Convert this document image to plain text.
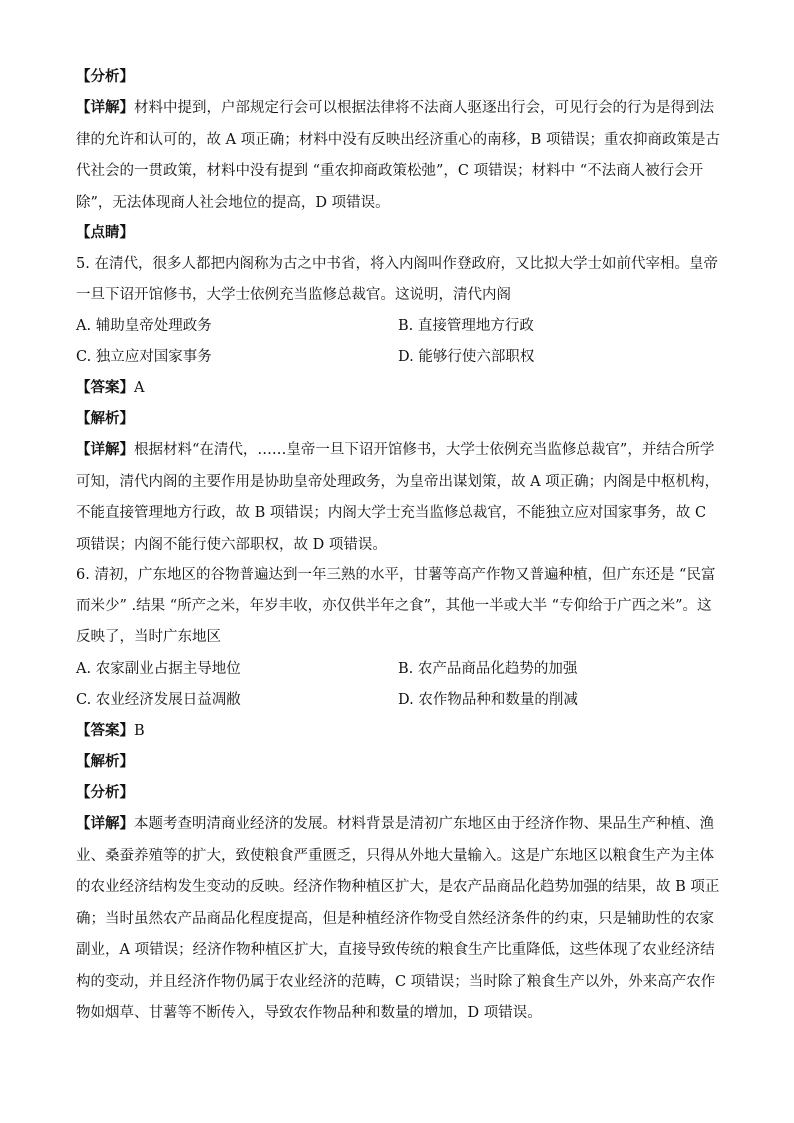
【分析】
【详解】材料中提到，户部规定行会可以根据法律将不法商人驱逐出行会，可见行会的行为是得到法律的允许和认可的，故 A 项正确；材料中没有反映出经济重心的南移，B 项错误；重农抑商政策是古代社会的一贯政策，材料中没有提到 “重农抑商政策松弛”，C 项错误；材料中 “不法商人被行会开除”，无法体现商人社会地位的提高，D 项错误。
【点睛】
5. 在清代，很多人都把内阁称为古之中书省，将入内阁叫作登政府，又比拟大学士如前代宰相。皇帝一旦下诏开馆修书，大学士依例充当监修总裁官。这说明，清代内阁
A. 辅助皇帝处理政务	B. 直接管理地方行政
C. 独立应对国家事务	D. 能够行使六部职权
【答案】A
【解析】
【详解】根据材料“在清代，……皇帝一旦下诏开馆修书，大学士依例充当监修总裁官”，并结合所学可知，清代内阁的主要作用是协助皇帝处理政务，为皇帝出谋划策，故 A 项正确；内阁是中枢机构，不能直接管理地方行政，故 B 项错误；内阁大学士充当监修总裁官，不能独立应对国家事务，故 C 项错误；内阁不能行使六部职权，故 D 项错误。
6. 清初，广东地区的谷物普遍达到一年三熟的水平，甘薯等高产作物又普遍种植，但广东还是 “民富而米少” .结果 “所产之米，年岁丰收，亦仅供半年之食”，其他一半或大半 “专仰给于广西之米”。这反映了，当时广东地区
A. 农家副业占据主导地位	B. 农产品商品化趋势的加强
C. 农业经济发展日益凋敝	D. 农作物品种和数量的削减
【答案】B
【解析】
【分析】
【详解】本题考查明清商业经济的发展。材料背景是清初广东地区由于经济作物、果品生产种植、渔业、桑蚕养殖等的扩大，致使粮食严重匮乏，只得从外地大量输入。这是广东地区以粮食生产为主体的农业经济结构发生变动的反映。经济作物种植区扩大，是农产品商品化趋势加强的结果，故 B 项正确；当时虽然农产品商品化程度提高，但是种植经济作物受自然经济条件的约束，只是辅助性的农家副业，A 项错误；经济作物种植区扩大，直接导致传统的粮食生产比重降低，这些体现了农业经济结构的变动，并且经济作物仍属于农业经济的范畴，C 项错误；当时除了粮食生产以外，外来高产农作物如烟草、甘薯等不断传入，导致农作物品种和数量的增加，D 项错误。
